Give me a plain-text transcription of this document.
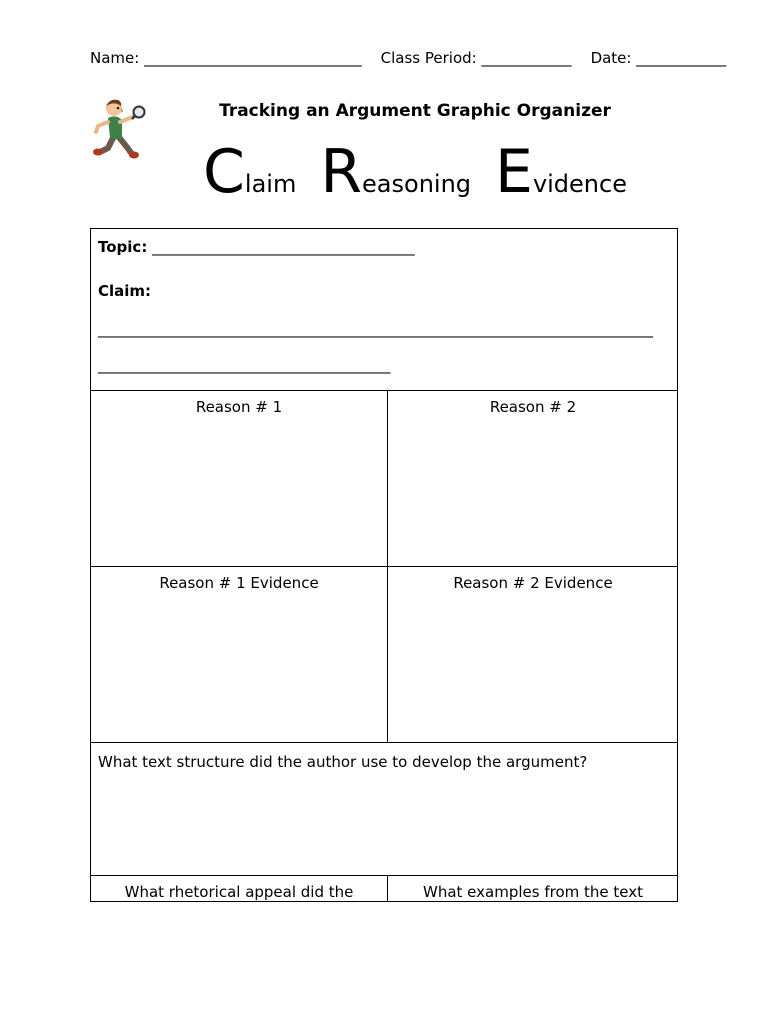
Name: _____________________________ Class Period: ____________ Date: ____________
Tracking an Argument Graphic Organizer
Claim Reasoning Evidence
Topic: ___________________________________
Claim:
__________________________________________________________________________
_______________________________________
Reason # 1	Reason # 2
Reason # 1 Evidence	Reason # 2 Evidence
What text structure did the author use to develop the argument?
What rhetorical appeal did the	What examples from the text
